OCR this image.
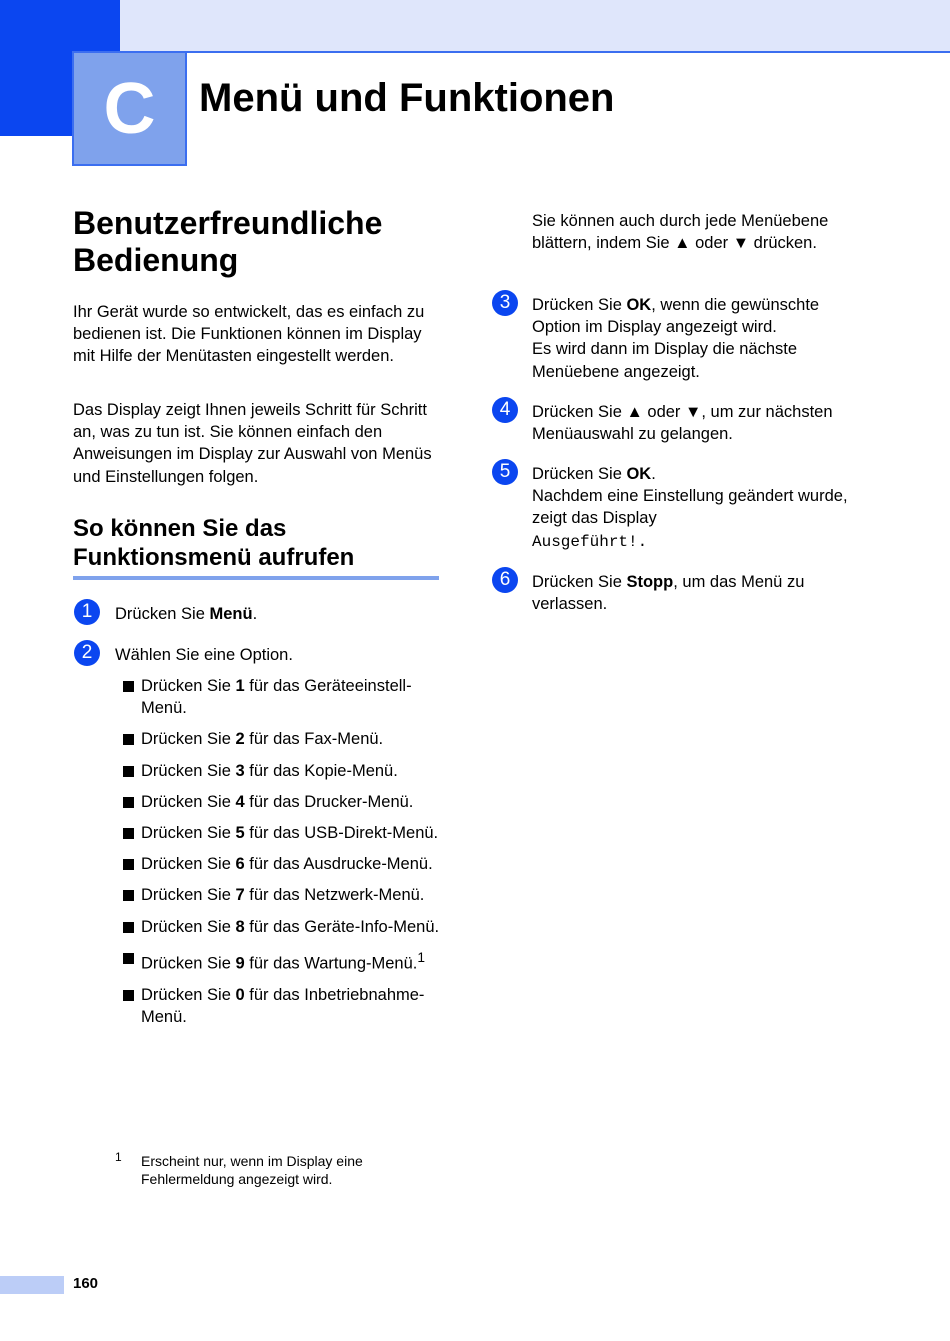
C Menü und Funktionen
Benutzerfreundliche Bedienung

Ihr Gerät wurde so entwickelt, das es einfach zu bedienen ist. Die Funktionen können im Display mit Hilfe der Menütasten eingestellt werden.

Das Display zeigt Ihnen jeweils Schritt für Schritt an, was zu tun ist. Sie können einfach den Anweisungen im Display zur Auswahl von Menüs und Einstellungen folgen.

So können Sie das Funktionsmenü aufrufen
1	Drücken Sie Menü.
2	Wählen Sie eine Option.
Drücken Sie 1 für das Geräteeinstell-Menü.
Drücken Sie 2 für das Fax-Menü.
Drücken Sie 3 für das Kopie-Menü.
Drücken Sie 4 für das Drucker-Menü.
Drücken Sie 5 für das USB-Direkt-Menü.
Drücken Sie 6 für das Ausdrucke-Menü.
Drücken Sie 7 für das Netzwerk-Menü.
Drücken Sie 8 für das Geräte-Info-Menü.
Drücken Sie 9 für das Wartung-Menü.$^1$
Drücken Sie 0 für das Inbetriebnahme-Menü.
1 Erscheint nur, wenn im Display eine Fehlermeldung angezeigt wird.
Sie können auch durch jede Menüebene blättern, indem Sie ▲ oder ▼ drücken.
3	Drücken Sie OK, wenn die gewünschte Option im Display angezeigt wird.
Es wird dann im Display die nächste Menüebene angezeigt.
4	Drücken Sie ▲ oder ▼, um zur nächsten Menüauswahl zu gelangen.
5	Drücken Sie OK.
Nachdem eine Einstellung geändert wurde, zeigt das Display
Ausgeführt!.
6	Drücken Sie Stopp, um das Menü zu verlassen.
160
